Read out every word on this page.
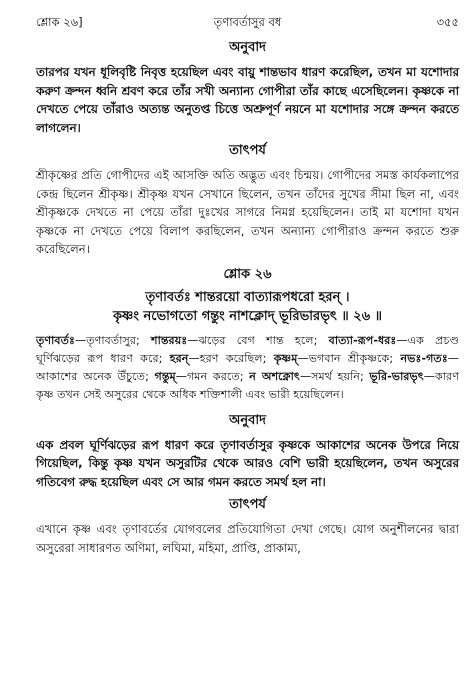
শ্লোক ২৬]	তৃণাবর্তাসুর বধ	৩৫৫
অনুবাদ

তারপর যখন ধূলিবৃষ্টি নিবৃত্ত হয়েছিল এবং বায়ু শান্তভাব ধারণ করেছিল, তখন মা যশোদার করুণ ক্রন্দন ধ্বনি শ্রবণ করে তাঁর সখী অন্যান্য গোপীরা তাঁর কাছে এসেছিলেন। কৃষ্ণকে না দেখতে পেয়ে তাঁরাও অত্যন্ত অনুতপ্ত চিত্তে অশ্রুপূর্ণ নয়নে মা যশোদার সঙ্গে ক্রন্দন করতে লাগলেন।

তাৎপর্য

শ্রীকৃষ্ণের প্রতি গোপীদের এই আসক্তি অতি অদ্ভুত এবং চিন্ময়। গোপীদের সমস্ত কার্যকলাপের কেন্দ্র ছিলেন শ্রীকৃষ্ণ। শ্রীকৃষ্ণ যখন সেখানে ছিলেন, তখন তাঁদের সুখের সীমা ছিল না, এবং শ্রীকৃষ্ণকে দেখতে না পেয়ে তাঁরা দুঃখের সাগরে নিমগ্ন হয়েছিলেন। তাই মা যশোদা যখন কৃষ্ণকে না দেখতে পেয়ে বিলাপ করছিলেন, তখন অন্যান্য গোপীরাও ক্রন্দন করতে শুরু করেছিলেন।

শ্লোক ২৬
তৃণাবর্তঃ শান্তরয়ো বাত্যারূপধরো হরন্ ।
কৃষ্ণং নভোগতো গন্তুং নাশক্লোদ্ ভূরিভারভৃৎ ॥ ২৬ ॥

তৃণাবর্তঃ—তৃণাবর্তাসুর; শান্তরয়ঃ—ঝড়ের বেগ শান্ত হলে; বাত্যা-রূপ-ধরঃ—এক প্রচণ্ড ঘূর্ণিঝড়ের রূপ ধারণ করে; হরন্—হরণ করেছিল; কৃষ্ণম্—ভগবান শ্রীকৃষ্ণকে; নভঃ-গতঃ—আকাশের অনেক উঁচুতে; গন্তুম্—গমন করতে; ন অশক্নোৎ—সমর্থ হয়নি; ভূরি-ভারভৃৎ—কারণ কৃষ্ণ তখন সেই অসুরের থেকে অধিক শক্তিশালী এবং ভারী হয়েছিলেন।

অনুবাদ

এক প্রবল ঘূর্ণিঝড়ের রূপ ধারণ করে তৃণাবর্তাসুর কৃষ্ণকে আকাশের অনেক উপরে নিয়ে গিয়েছিল, কিন্তু কৃষ্ণ যখন অসুরটির থেকে আরও বেশি ভারী হয়েছিলেন, তখন অসুরের গতিবেগ রুদ্ধ হয়েছিল এবং সে আর গমন করতে সমর্থ হল না।

তাৎপর্য

এখানে কৃষ্ণ এবং তৃণাবর্তের যোগবলের প্রতিযোগিতা দেখা গেছে। যোগ অনুশীলনের দ্বারা অসুরেরা সাধারণত অণিমা, লঘিমা, মহিমা, প্রাপ্তি, প্রাকাম্য,
